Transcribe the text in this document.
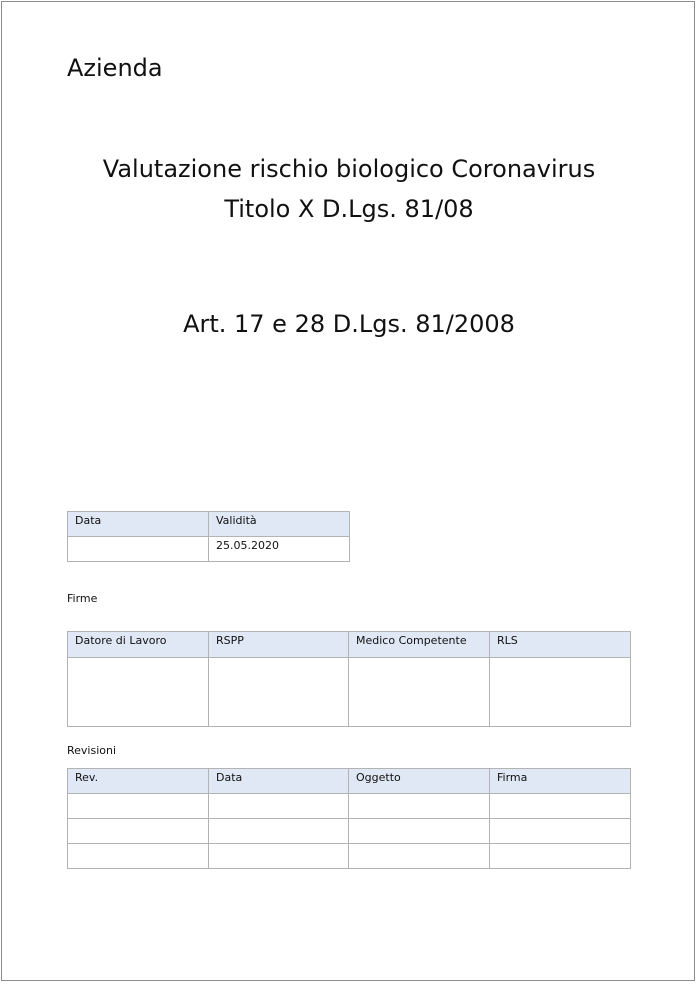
Azienda
Valutazione rischio biologico Coronavirus
Titolo X D.Lgs. 81/08
Art. 17 e 28 D.Lgs. 81/2008
Data	Validità
	25.05.2020

Firme

Datore di Lavoro	RSPP	Medico Competente	RLS

Revisioni

Rev.	Data	Oggetto	Firma
